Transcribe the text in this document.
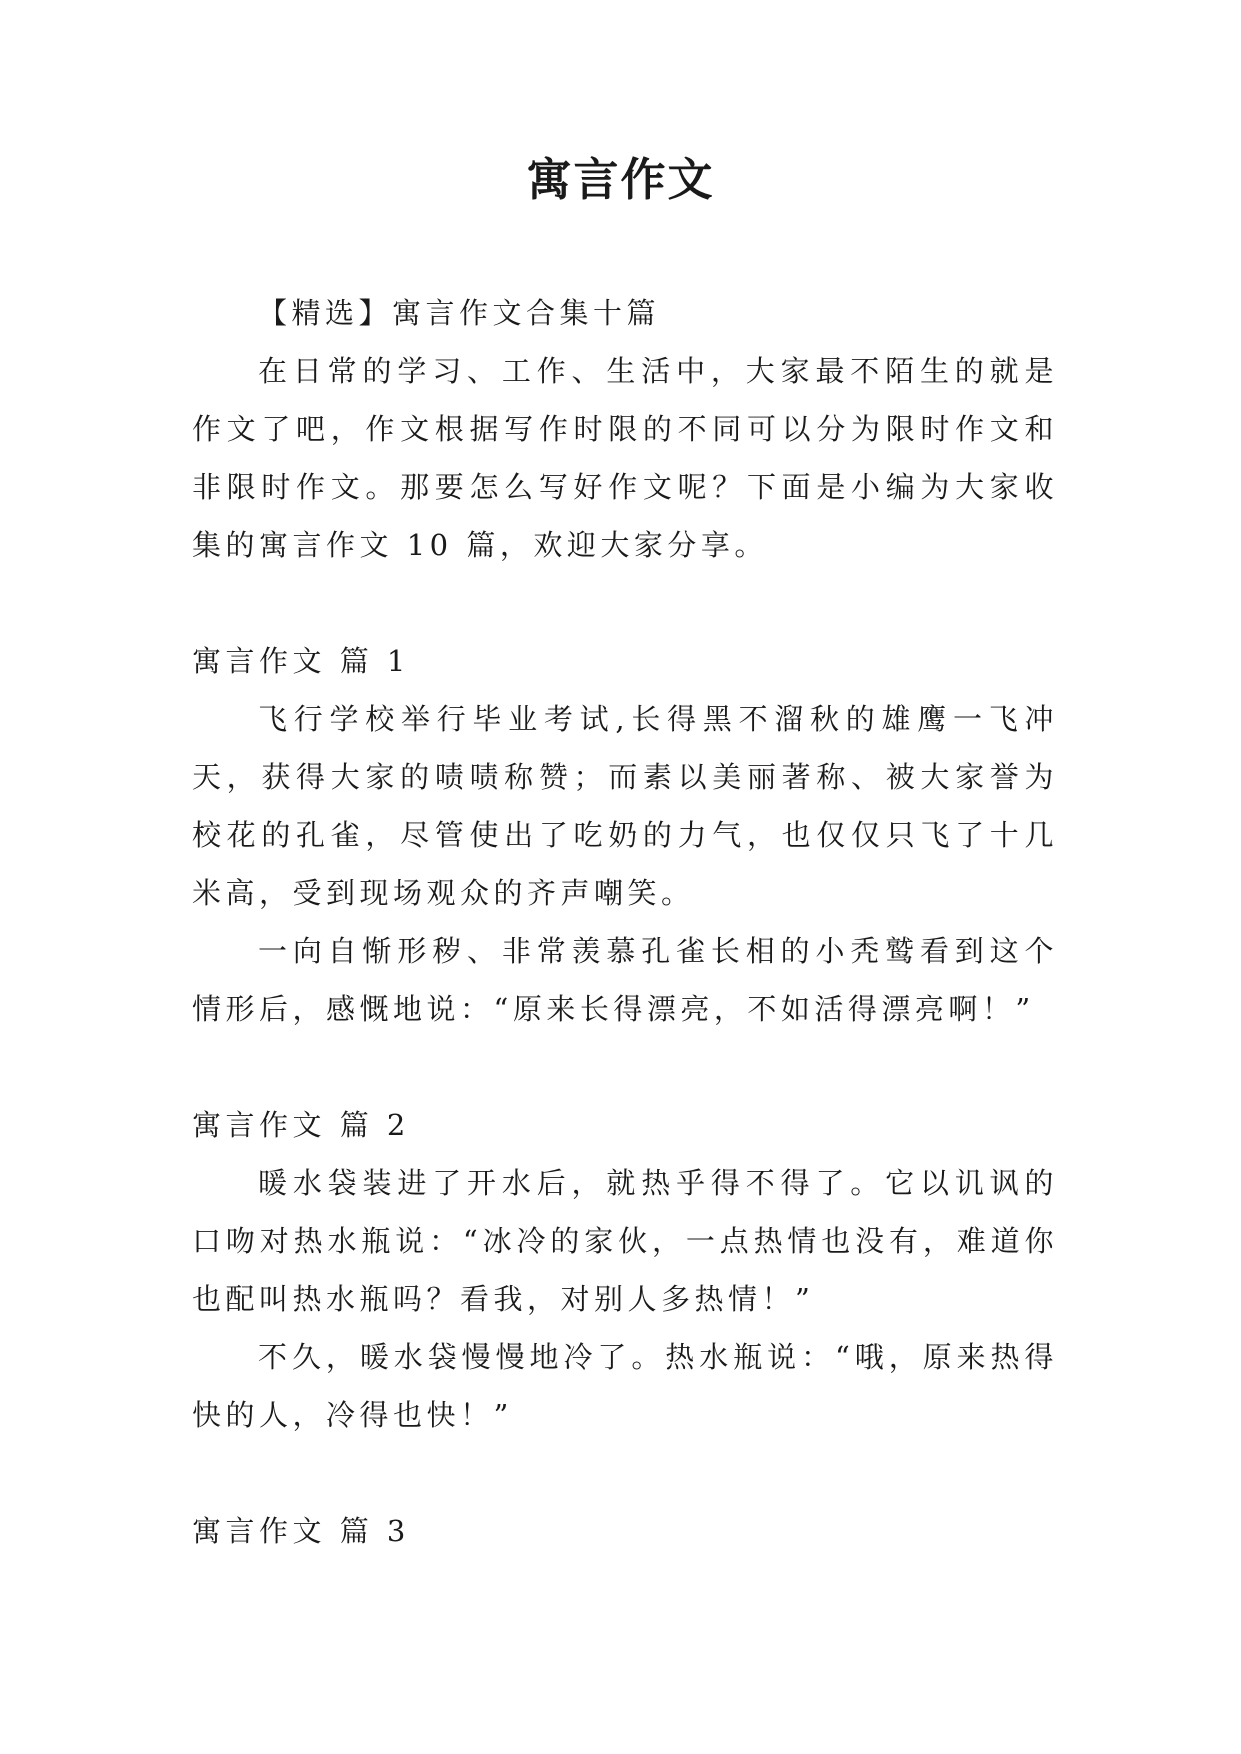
寓言作文

【精选】寓言作文合集十篇

在日常的学习、工作、生活中，大家最不陌生的就是作文了吧，作文根据写作时限的不同可以分为限时作文和非限时作文。那要怎么写好作文呢？下面是小编为大家收集的寓言作文 10 篇，欢迎大家分享。

寓言作文 篇 1

飞行学校举行毕业考试,长得黑不溜秋的雄鹰一飞冲天，获得大家的啧啧称赞；而素以美丽著称、被大家誉为校花的孔雀，尽管使出了吃奶的力气，也仅仅只飞了十几米高，受到现场观众的齐声嘲笑。

一向自惭形秽、非常羡慕孔雀长相的小秃鹫看到这个情形后，感慨地说：“原来长得漂亮，不如活得漂亮啊！”

寓言作文 篇 2

暖水袋装进了开水后，就热乎得不得了。它以讥讽的口吻对热水瓶说：“冰冷的家伙，一点热情也没有，难道你也配叫热水瓶吗？看我，对别人多热情！”

不久，暖水袋慢慢地冷了。热水瓶说：“哦，原来热得快的人，冷得也快！”

寓言作文 篇 3
